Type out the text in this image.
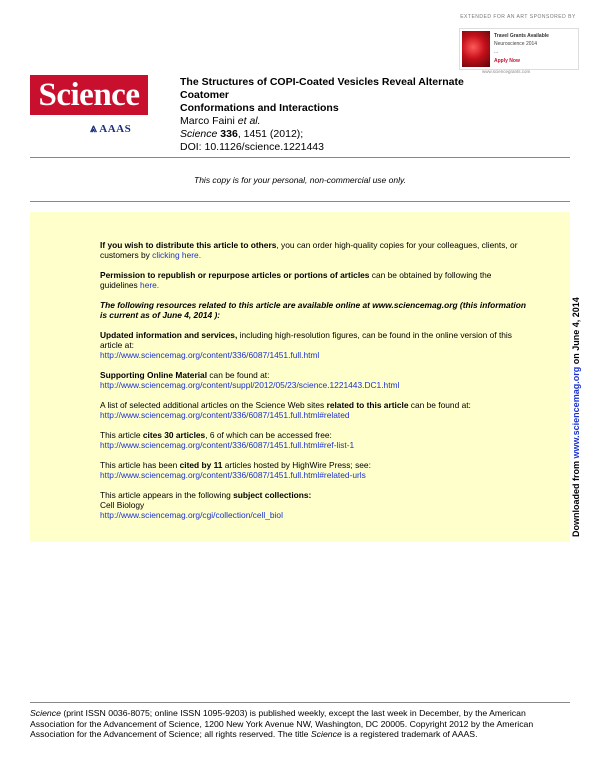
EXTENDED FOR AN ART SPONSORED BY
Travel Grants Available
Neuroscience 2014
...
Apply Now
www.sciencegrants.com
Science
⩓ AAAS
The Structures of COPI-Coated Vesicles Reveal Alternate Coatomer
Conformations and Interactions
Marco Faini et al.
Science 336, 1451 (2012);
DOI: 10.1126/science.1221443
This copy is for your personal, non-commercial use only.

If you wish to distribute this article to others, you can order high-quality copies for your colleagues, clients, or customers by clicking here.

Permission to republish or repurpose articles or portions of articles can be obtained by following the guidelines here.

The following resources related to this article are available online at www.sciencemag.org (this information is current as of June 4, 2014 ):

Updated information and services, including high-resolution figures, can be found in the online version of this article at:
http://www.sciencemag.org/content/336/6087/1451.full.html

Supporting Online Material can be found at:
http://www.sciencemag.org/content/suppl/2012/05/23/science.1221443.DC1.html

A list of selected additional articles on the Science Web sites related to this article can be found at:
http://www.sciencemag.org/content/336/6087/1451.full.html#related

This article cites 30 articles, 6 of which can be accessed free:
http://www.sciencemag.org/content/336/6087/1451.full.html#ref-list-1

This article has been cited by 11 articles hosted by HighWire Press; see:
http://www.sciencemag.org/content/336/6087/1451.full.html#related-urls

This article appears in the following subject collections:
Cell Biology
http://www.sciencemag.org/cgi/collection/cell_biol	Downloaded from www.sciencemag.org on June 4, 2014
Science (print ISSN 0036-8075; online ISSN 1095-9203) is published weekly, except the last week in December, by the American Association for the Advancement of Science, 1200 New York Avenue NW, Washington, DC 20005. Copyright 2012 by the American Association for the Advancement of Science; all rights reserved. The title Science is a registered trademark of AAAS.
